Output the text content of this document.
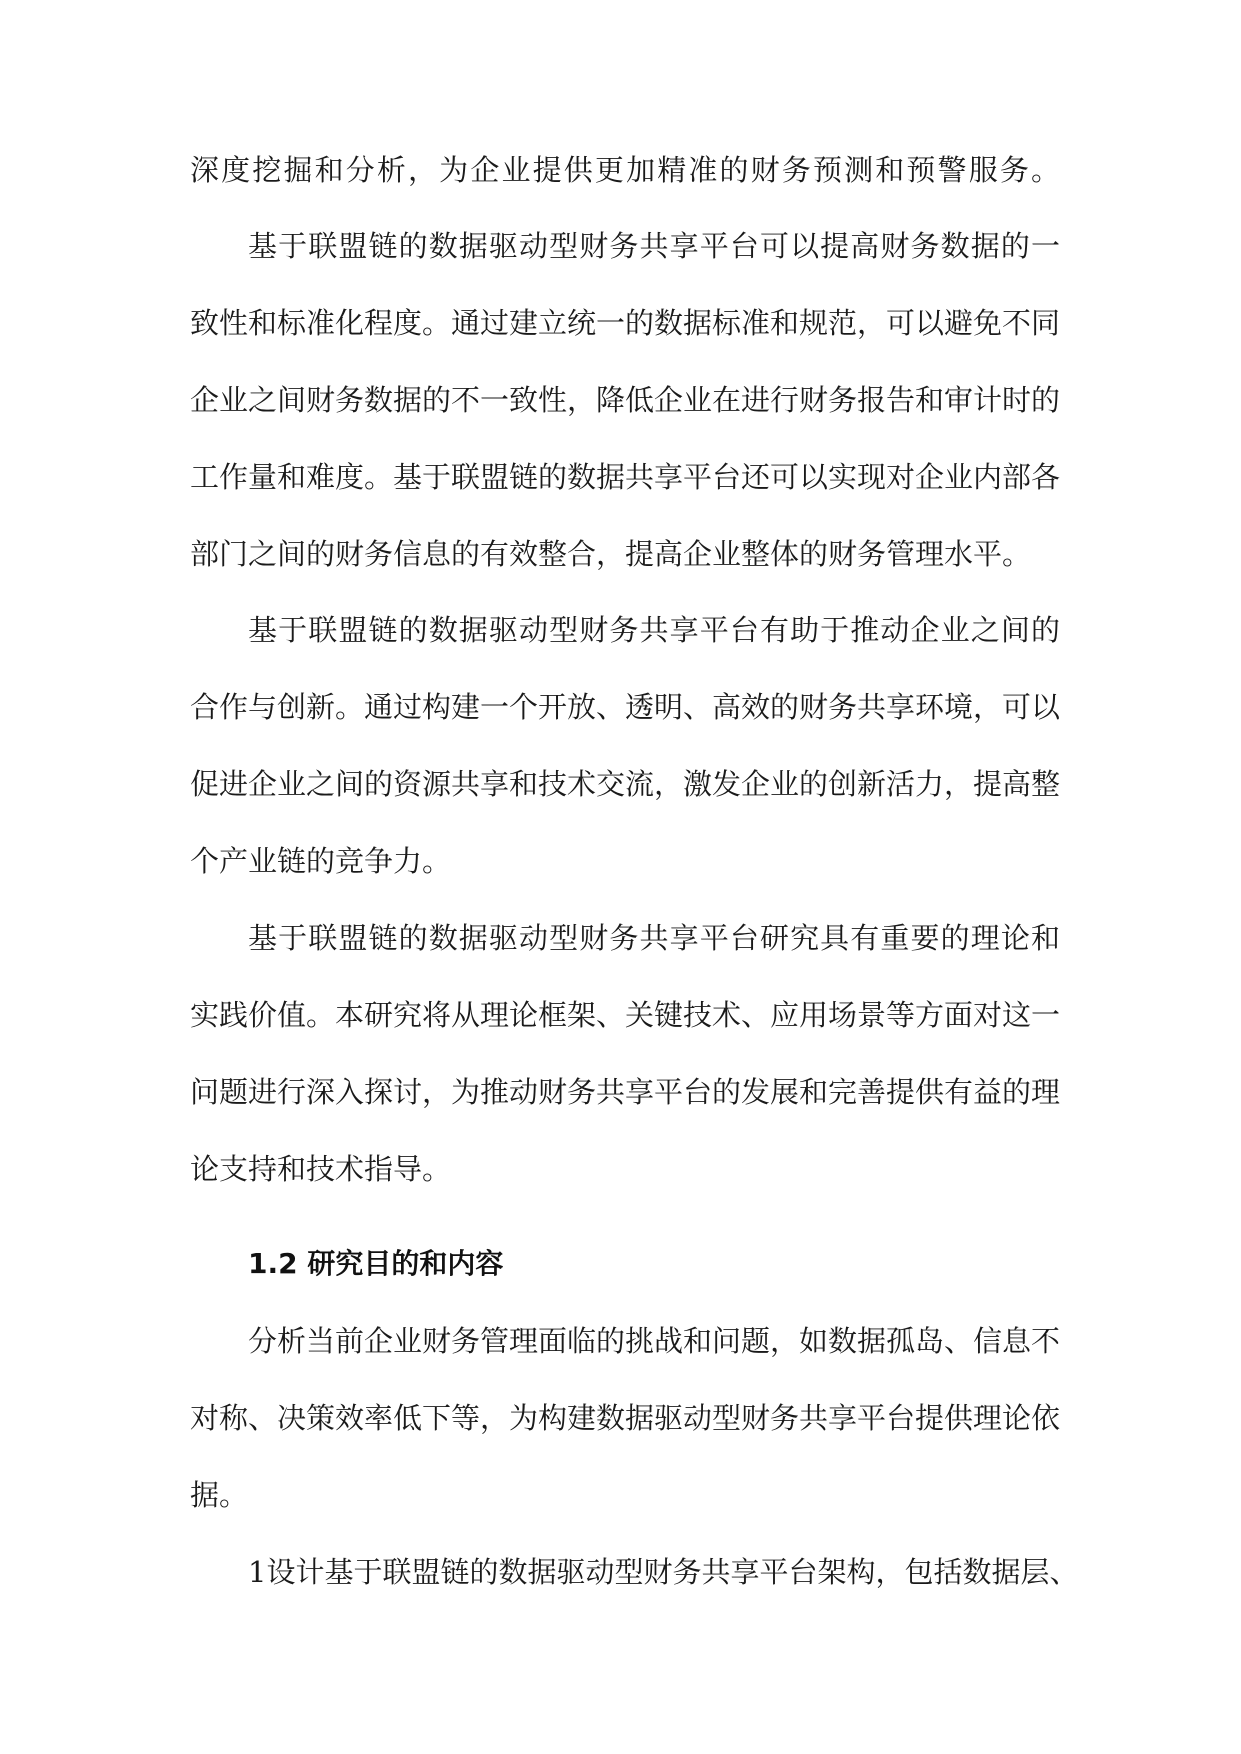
深度挖掘和分析，为企业提供更加精准的财务预测和预警服务。
基于联盟链的数据驱动型财务共享平台可以提高财务数据的一
致性和标准化程度。通过建立统一的数据标准和规范，可以避免不同
企业之间财务数据的不一致性，降低企业在进行财务报告和审计时的
工作量和难度。基于联盟链的数据共享平台还可以实现对企业内部各
部门之间的财务信息的有效整合，提高企业整体的财务管理水平。
基于联盟链的数据驱动型财务共享平台有助于推动企业之间的
合作与创新。通过构建一个开放、透明、高效的财务共享环境，可以
促进企业之间的资源共享和技术交流，激发企业的创新活力，提高整
个产业链的竞争力。
基于联盟链的数据驱动型财务共享平台研究具有重要的理论和
实践价值。本研究将从理论框架、关键技术、应用场景等方面对这一
问题进行深入探讨，为推动财务共享平台的发展和完善提供有益的理
论支持和技术指导。
1.2 研究目的和内容
分析当前企业财务管理面临的挑战和问题，如数据孤岛、信息不
对称、决策效率低下等，为构建数据驱动型财务共享平台提供理论依
据。
1设计基于联盟链的数据驱动型财务共享平台架构，包括数据层、
